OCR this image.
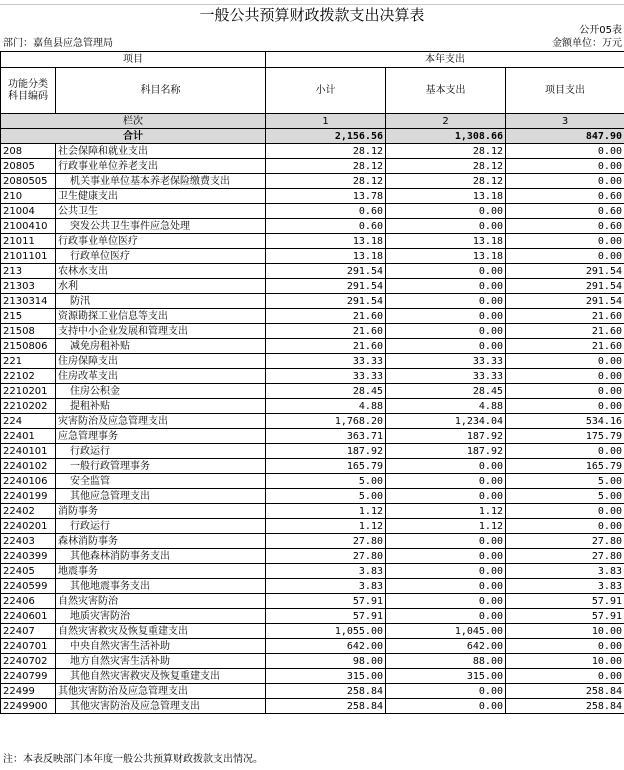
一般公共预算财政拨款支出决算表
公开05表
部门：嘉鱼县应急管理局	金额单位：万元
项目		本年支出		
功能分类
科目编码	科目名称	小计	基本支出	项目支出
栏次		1	2	3
合计		2,156.56	1,308.66	847.90
208	社会保障和就业支出	28.12	28.12	0.00
20805	行政事业单位养老支出	28.12	28.12	0.00
2080505	机关事业单位基本养老保险缴费支出	28.12	28.12	0.00
210	卫生健康支出	13.78	13.18	0.60
21004	公共卫生	0.60	0.00	0.60
2100410	突发公共卫生事件应急处理	0.60	0.00	0.60
21011	行政事业单位医疗	13.18	13.18	0.00
2101101	行政单位医疗	13.18	13.18	0.00
213	农林水支出	291.54	0.00	291.54
21303	水利	291.54	0.00	291.54
2130314	防汛	291.54	0.00	291.54
215	资源勘探工业信息等支出	21.60	0.00	21.60
21508	支持中小企业发展和管理支出	21.60	0.00	21.60
2150806	减免房租补贴	21.60	0.00	21.60
221	住房保障支出	33.33	33.33	0.00
22102	住房改革支出	33.33	33.33	0.00
2210201	住房公积金	28.45	28.45	0.00
2210202	提租补贴	4.88	4.88	0.00
224	灾害防治及应急管理支出	1,768.20	1,234.04	534.16
22401	应急管理事务	363.71	187.92	175.79
2240101	行政运行	187.92	187.92	0.00
2240102	一般行政管理事务	165.79	0.00	165.79
2240106	安全监管	5.00	0.00	5.00
2240199	其他应急管理支出	5.00	0.00	5.00
22402	消防事务	1.12	1.12	0.00
2240201	行政运行	1.12	1.12	0.00
22403	森林消防事务	27.80	0.00	27.80
2240399	其他森林消防事务支出	27.80	0.00	27.80
22405	地震事务	3.83	0.00	3.83
2240599	其他地震事务支出	3.83	0.00	3.83
22406	自然灾害防治	57.91	0.00	57.91
2240601	地质灾害防治	57.91	0.00	57.91
22407	自然灾害救灾及恢复重建支出	1,055.00	1,045.00	10.00
2240701	中央自然灾害生活补助	642.00	642.00	0.00
2240702	地方自然灾害生活补助	98.00	88.00	10.00
2240799	其他自然灾害救灾及恢复重建支出	315.00	315.00	0.00
22499	其他灾害防治及应急管理支出	258.84	0.00	258.84
2249900	其他灾害防治及应急管理支出	258.84	0.00	258.84
注：本表反映部门本年度一般公共预算财政拨款支出情况。
